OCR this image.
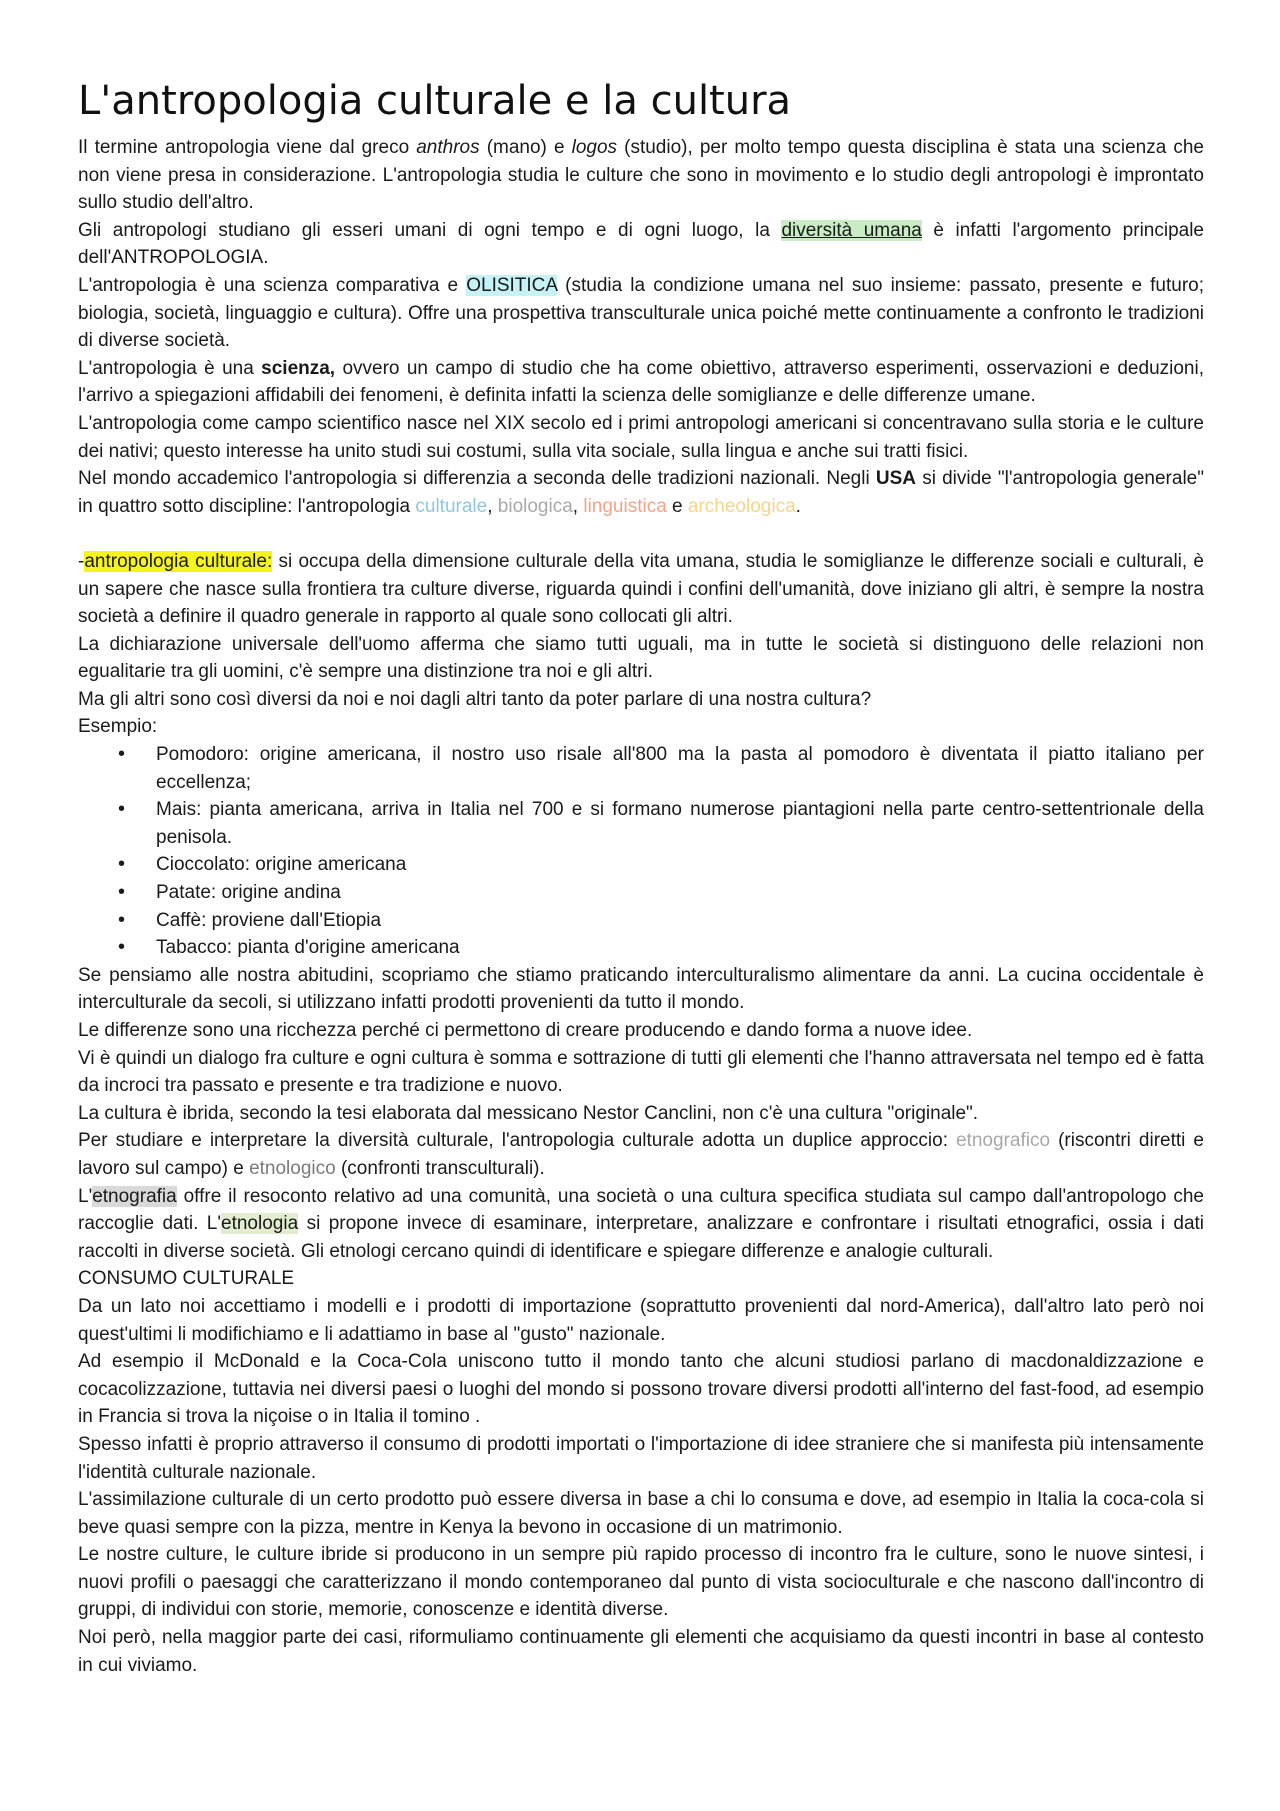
L'antropologia culturale e la cultura

Il termine antropologia viene dal greco anthros (mano) e logos (studio), per molto tempo questa disciplina è stata una scienza che non viene presa in considerazione. L'antropologia studia le culture che sono in movimento e lo studio degli antropologi è improntato sullo studio dell'altro.

Gli antropologi studiano gli esseri umani di ogni tempo e di ogni luogo, la diversità umana è infatti l'argomento principale dell'ANTROPOLOGIA.

L'antropologia è una scienza comparativa e OLISITICA (studia la condizione umana nel suo insieme: passato, presente e futuro; biologia, società, linguaggio e cultura). Offre una prospettiva transculturale unica poiché mette continuamente a confronto le tradizioni di diverse società.

L'antropologia è una scienza, ovvero un campo di studio che ha come obiettivo, attraverso esperimenti, osservazioni e deduzioni, l'arrivo a spiegazioni affidabili dei fenomeni, è definita infatti la scienza delle somiglianze e delle differenze umane.

L'antropologia come campo scientifico nasce nel XIX secolo ed i primi antropologi americani si concentravano sulla storia e le culture dei nativi; questo interesse ha unito studi sui costumi, sulla vita sociale, sulla lingua e anche sui tratti fisici.

Nel mondo accademico l'antropologia si differenzia a seconda delle tradizioni nazionali. Negli USA si divide "l'antropologia generale" in quattro sotto discipline: l'antropologia culturale, biologica, linguistica e archeologica.

-antropologia culturale: si occupa della dimensione culturale della vita umana, studia le somiglianze le differenze sociali e culturali, è un sapere che nasce sulla frontiera tra culture diverse, riguarda quindi i confini dell'umanità, dove iniziano gli altri, è sempre la nostra società a definire il quadro generale in rapporto al quale sono collocati gli altri.

La dichiarazione universale dell'uomo afferma che siamo tutti uguali, ma in tutte le società si distinguono delle relazioni non egualitarie tra gli uomini, c'è sempre una distinzione tra noi e gli altri.

Ma gli altri sono così diversi da noi e noi dagli altri tanto da poter parlare di una nostra cultura?

Esempio:

• Pomodoro: origine americana, il nostro uso risale all'800 ma la pasta al pomodoro è diventata il piatto italiano per eccellenza;
• Mais: pianta americana, arriva in Italia nel 700 e si formano numerose piantagioni nella parte centro-settentrionale della penisola.
• Cioccolato: origine americana
• Patate: origine andina
• Caffè: proviene dall'Etiopia
• Tabacco: pianta d'origine americana

Se pensiamo alle nostra abitudini, scopriamo che stiamo praticando interculturalismo alimentare da anni. La cucina occidentale è interculturale da secoli, si utilizzano infatti prodotti provenienti da tutto il mondo.

Le differenze sono una ricchezza perché ci permettono di creare producendo e dando forma a nuove idee.

Vi è quindi un dialogo fra culture e ogni cultura è somma e sottrazione di tutti gli elementi che l'hanno attraversata nel tempo ed è fatta da incroci tra passato e presente e tra tradizione e nuovo.

La cultura è ibrida, secondo la tesi elaborata dal messicano Nestor Canclini, non c'è una cultura "originale".

Per studiare e interpretare la diversità culturale, l'antropologia culturale adotta un duplice approccio: etnografico (riscontri diretti e lavoro sul campo) e etnologico (confronti transculturali).

L'etnografia offre il resoconto relativo ad una comunità, una società o una cultura specifica studiata sul campo dall'antropologo che raccoglie dati. L'etnologia si propone invece di esaminare, interpretare, analizzare e confrontare i risultati etnografici, ossia i dati raccolti in diverse società. Gli etnologi cercano quindi di identificare e spiegare differenze e analogie culturali.

CONSUMO CULTURALE

Da un lato noi accettiamo i modelli e i prodotti di importazione (soprattutto provenienti dal nord-America), dall'altro lato però noi quest'ultimi li modifichiamo e li adattiamo in base al "gusto" nazionale.

Ad esempio il McDonald e la Coca-Cola uniscono tutto il mondo tanto che alcuni studiosi parlano di macdonaldizzazione e cocacolizzazione, tuttavia nei diversi paesi o luoghi del mondo si possono trovare diversi prodotti all'interno del fast-food, ad esempio in Francia si trova la niçoise o in Italia il tomino .

Spesso infatti è proprio attraverso il consumo di prodotti importati o l'importazione di idee straniere che si manifesta più intensamente l'identità culturale nazionale.

L'assimilazione culturale di un certo prodotto può essere diversa in base a chi lo consuma e dove, ad esempio in Italia la coca-cola si beve quasi sempre con la pizza, mentre in Kenya la bevono in occasione di un matrimonio.

Le nostre culture, le culture ibride si producono in un sempre più rapido processo di incontro fra le culture, sono le nuove sintesi, i nuovi profili o paesaggi che caratterizzano il mondo contemporaneo dal punto di vista socioculturale e che nascono dall'incontro di gruppi, di individui con storie, memorie, conoscenze e identità diverse.

Noi però, nella maggior parte dei casi, riformuliamo continuamente gli elementi che acquisiamo da questi incontri in base al contesto in cui viviamo.
